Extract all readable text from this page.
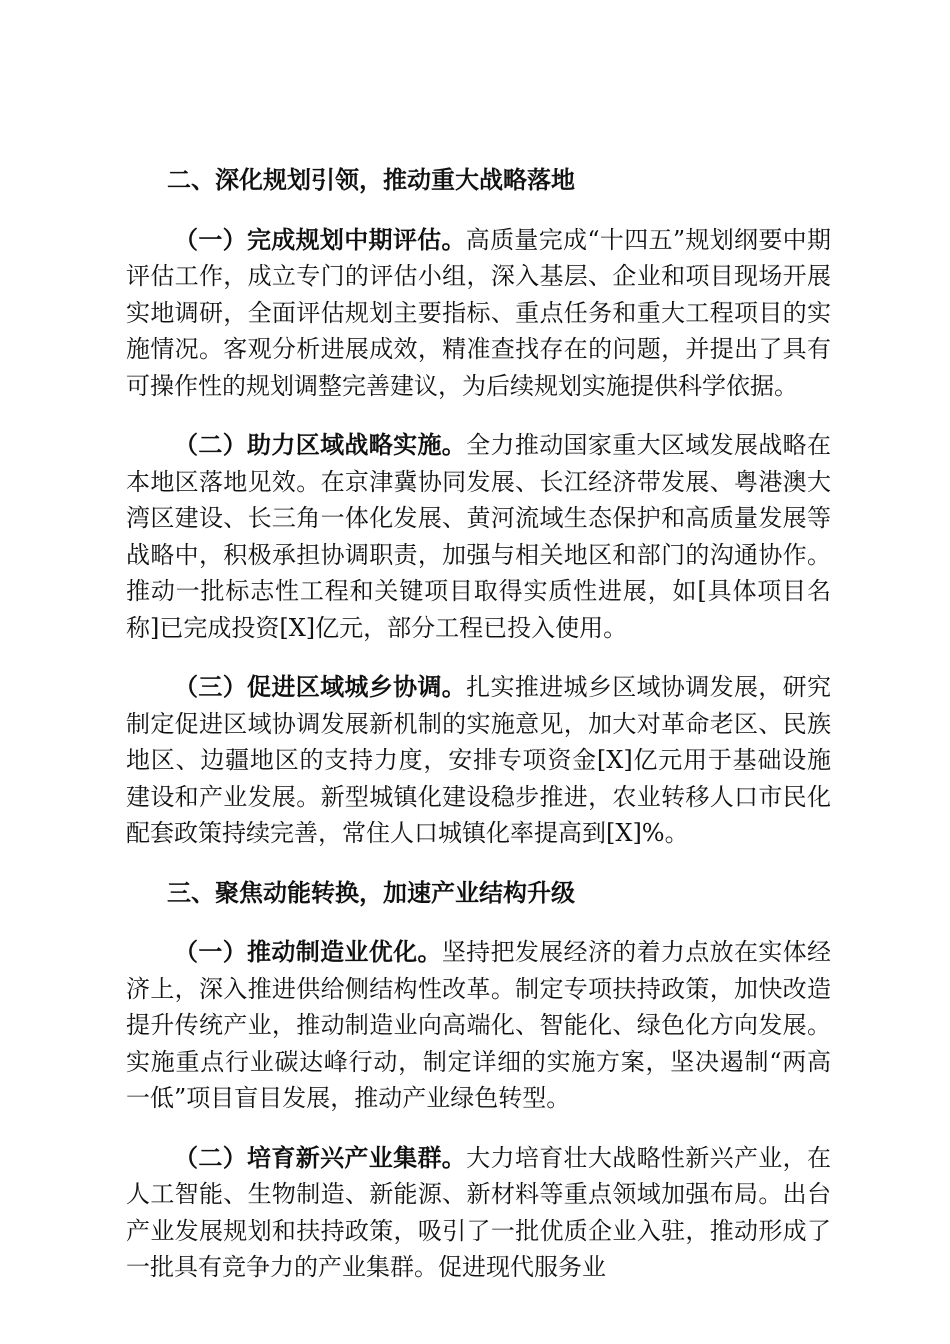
二、深化规划引领，推动重大战略落地

（一）完成规划中期评估。高质量完成“十四五”规划纲要中期评估工作，成立专门的评估小组，深入基层、企业和项目现场开展实地调研，全面评估规划主要指标、重点任务和重大工程项目的实施情况。客观分析进展成效，精准查找存在的问题，并提出了具有可操作性的规划调整完善建议，为后续规划实施提供科学依据。

（二）助力区域战略实施。全力推动国家重大区域发展战略在本地区落地见效。在京津冀协同发展、长江经济带发展、粤港澳大湾区建设、长三角一体化发展、黄河流域生态保护和高质量发展等战略中，积极承担协调职责，加强与相关地区和部门的沟通协作。推动一批标志性工程和关键项目取得实质性进展，如[具体项目名称]已完成投资[X]亿元，部分工程已投入使用。

（三）促进区域城乡协调。扎实推进城乡区域协调发展，研究制定促进区域协调发展新机制的实施意见，加大对革命老区、民族地区、边疆地区的支持力度，安排专项资金[X]亿元用于基础设施建设和产业发展。新型城镇化建设稳步推进，农业转移人口市民化配套政策持续完善，常住人口城镇化率提高到[X]%。

三、聚焦动能转换，加速产业结构升级

（一）推动制造业优化。坚持把发展经济的着力点放在实体经济上，深入推进供给侧结构性改革。制定专项扶持政策，加快改造提升传统产业，推动制造业向高端化、智能化、绿色化方向发展。实施重点行业碳达峰行动，制定详细的实施方案，坚决遏制“两高一低”项目盲目发展，推动产业绿色转型。

（二）培育新兴产业集群。大力培育壮大战略性新兴产业，在人工智能、生物制造、新能源、新材料等重点领域加强布局。出台产业发展规划和扶持政策，吸引了一批优质企业入驻，推动形成了一批具有竞争力的产业集群。促进现代服务业
